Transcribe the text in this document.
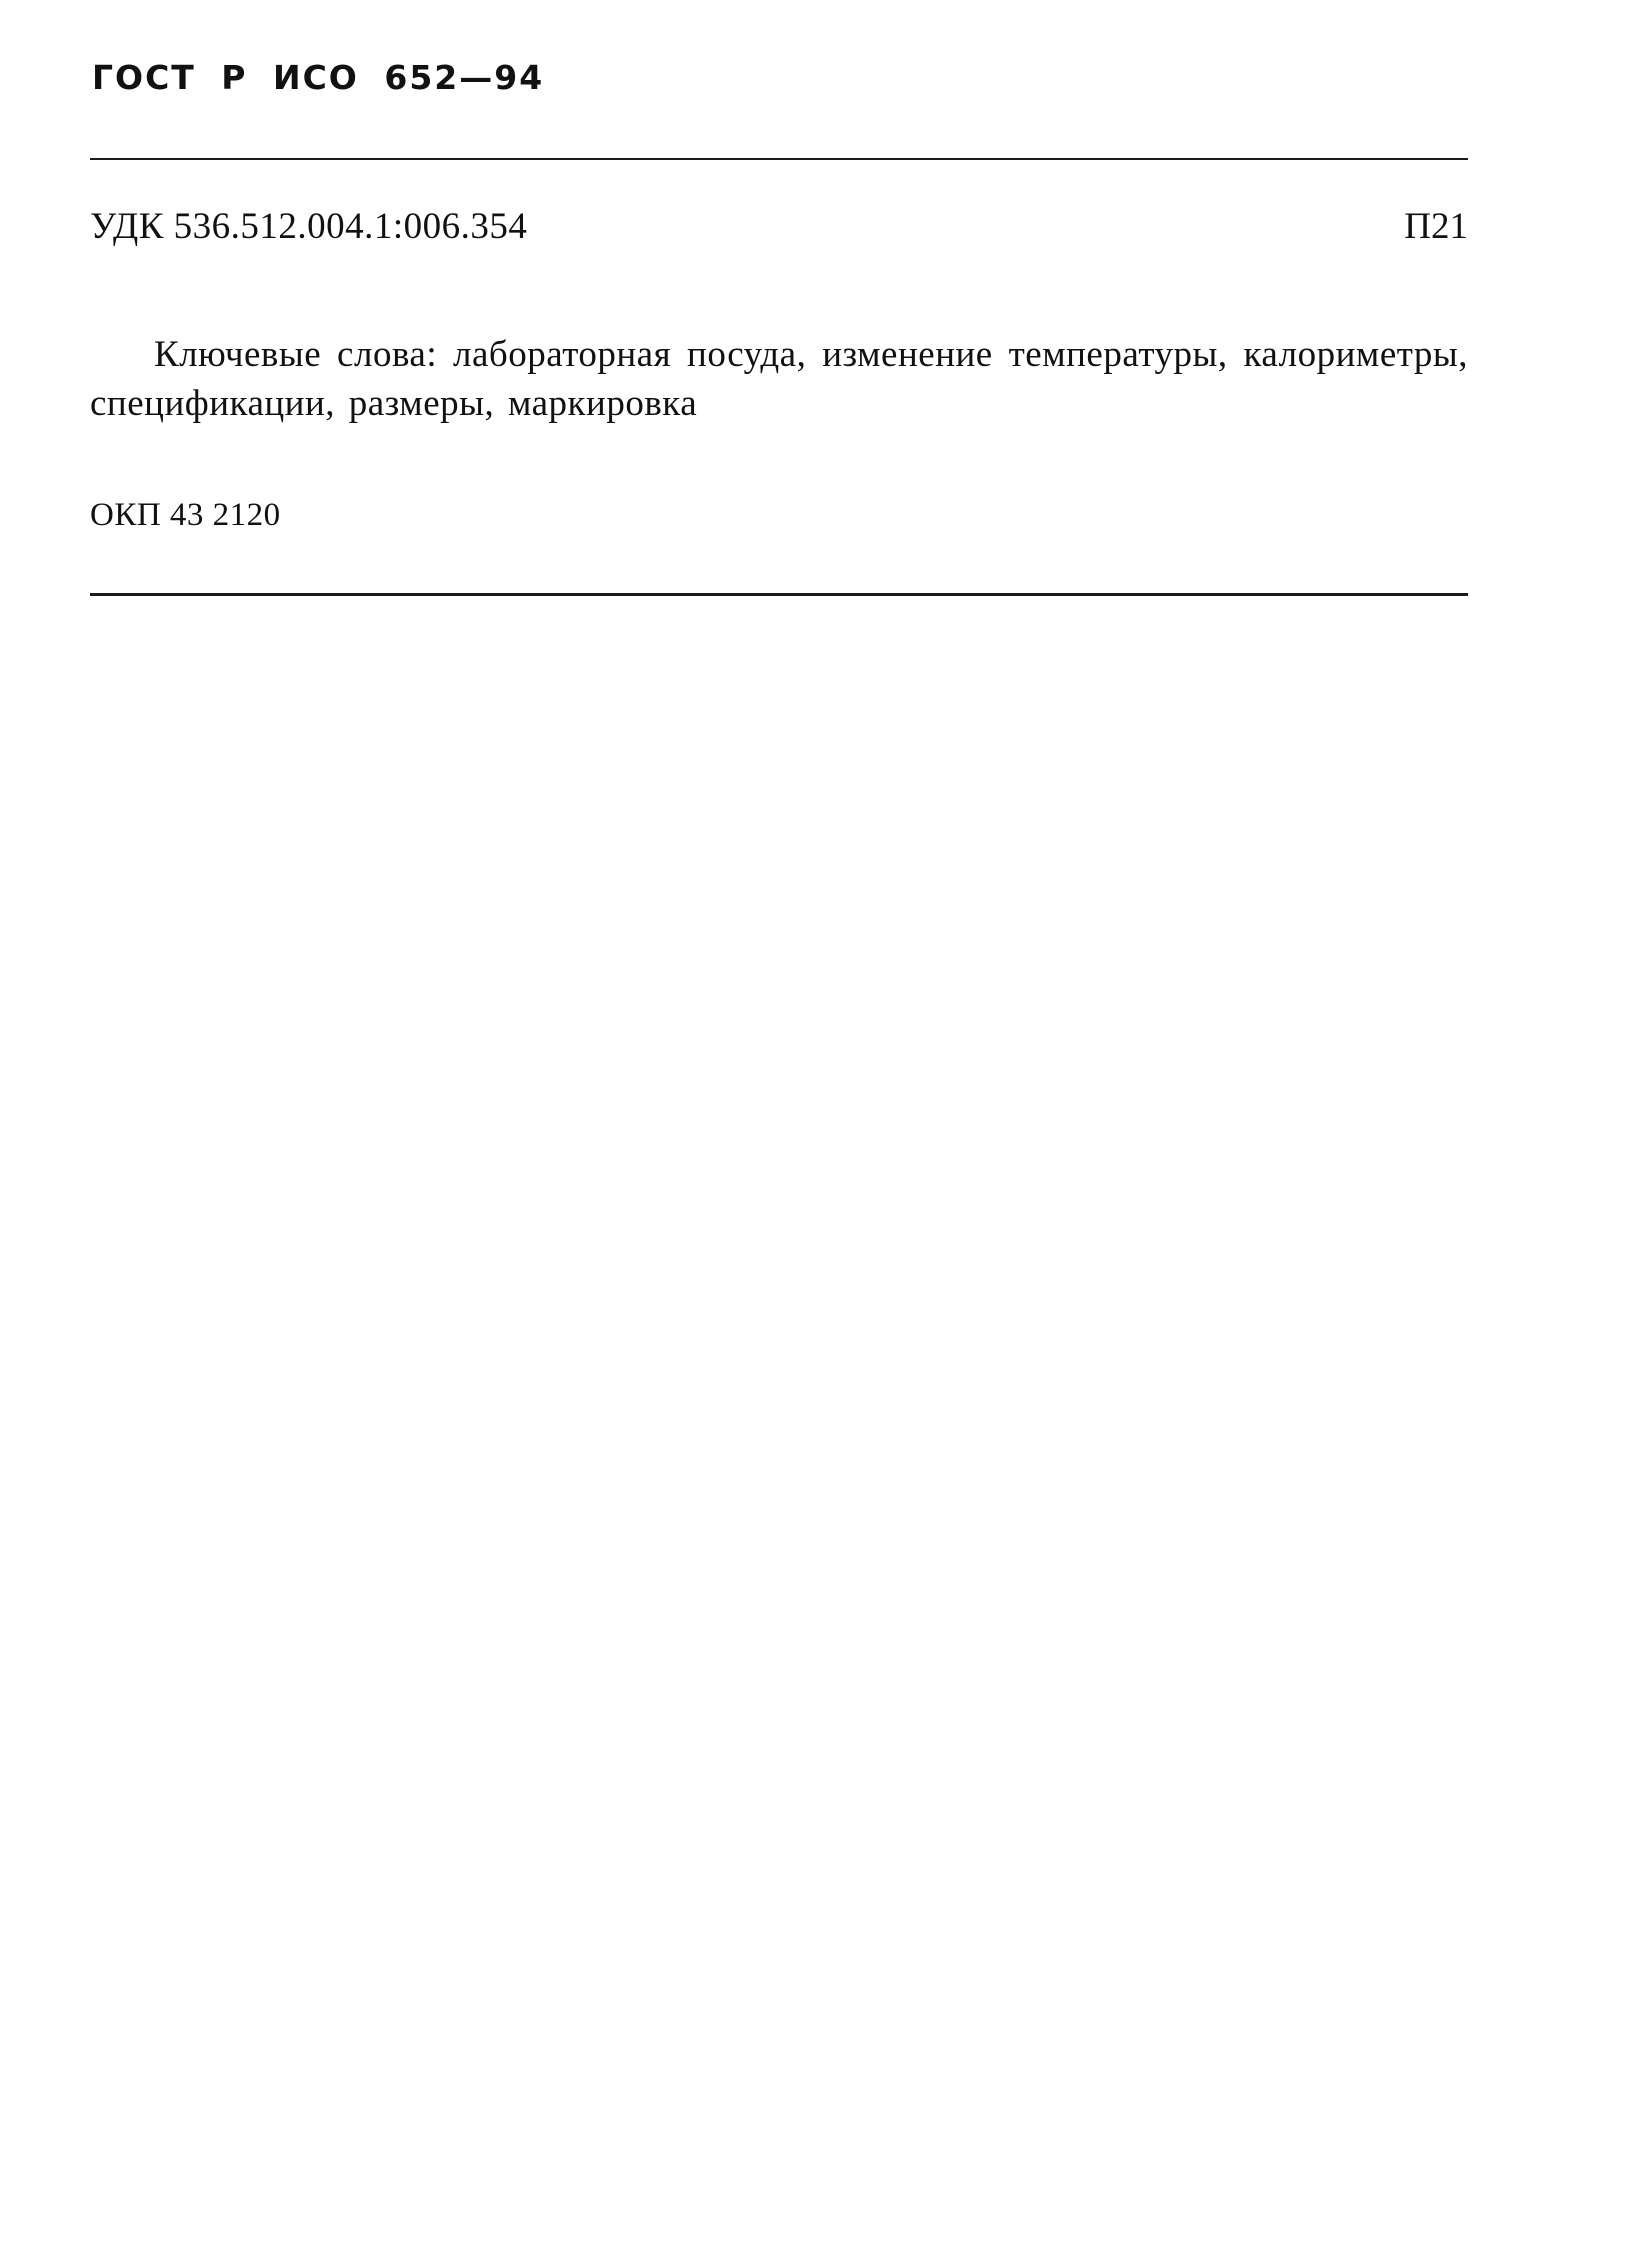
ГОСТ Р ИСО 652—94
УДК 536.512.004.1:006.354	П21
Ключевые слова: лабораторная посуда, изменение температуры, калориметры, спецификации, размеры, маркировка
ОКП 43 2120
